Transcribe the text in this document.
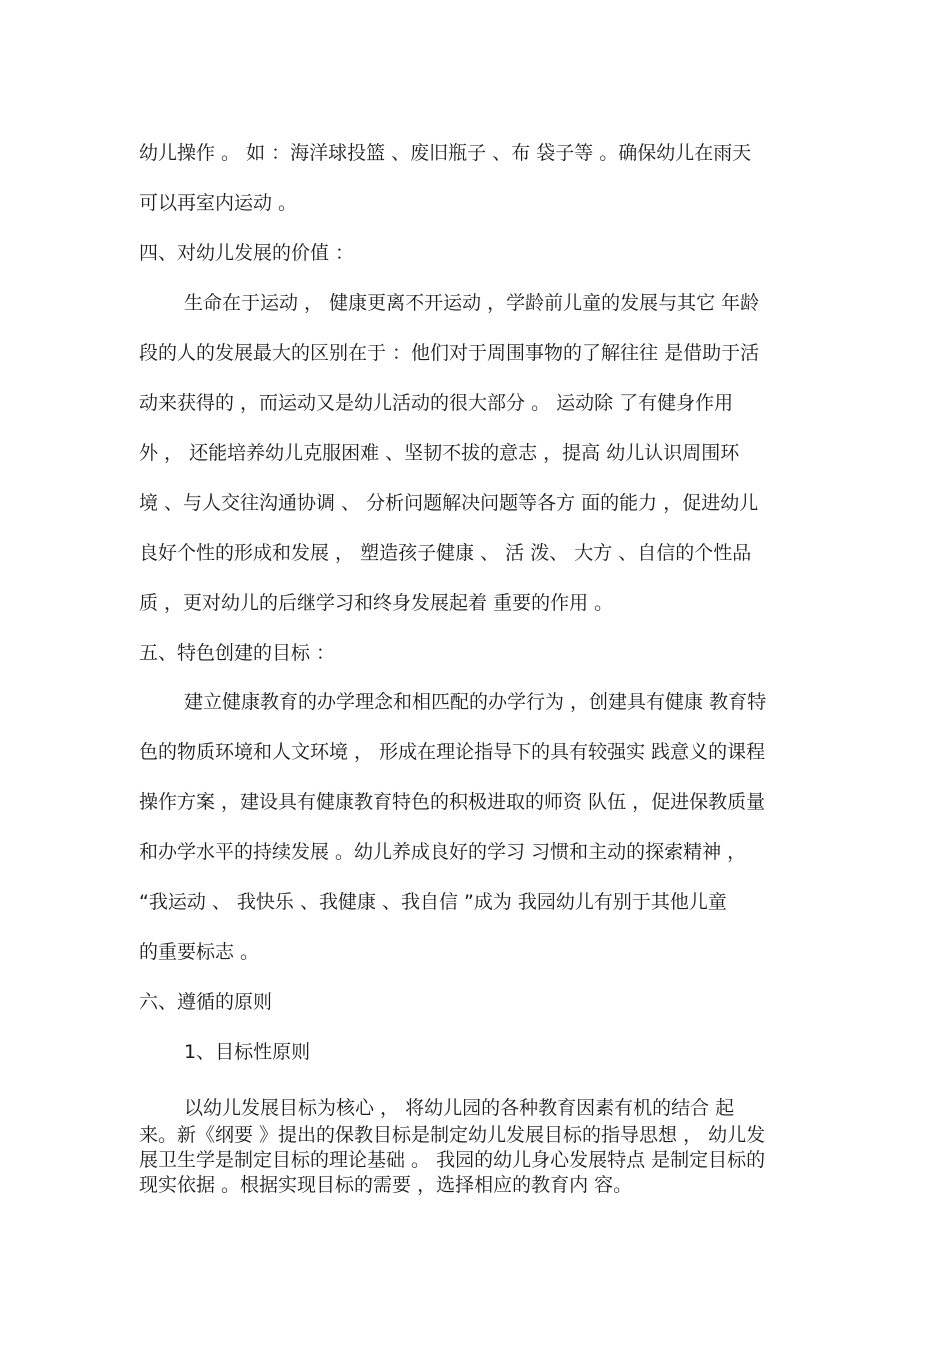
幼儿操作 。 如 ：海洋球投篮 、废旧瓶子 、布 袋子等 。确保幼儿在雨天
可以再室内运动 。
四、对幼儿发展的价值 ：
生命在于运动 ， 健康更离不开运动 ，学龄前儿童的发展与其它 年龄
段的人的发展最大的区别在于 ：他们对于周围事物的了解往往 是借助于活
动来获得的 ，而运动又是幼儿活动的很大部分 。 运动除 了有健身作用
外 ， 还能培养幼儿克服困难 、坚韧不拔的意志 ，提高 幼儿认识周围环
境 、与人交往沟通协调 、 分析问题解决问题等各方 面的能力 ，促进幼儿
良好个性的形成和发展 ， 塑造孩子健康 、 活 泼、 大方 、自信的个性品
质 ，更对幼儿的后继学习和终身发展起着 重要的作用 。
五、特色创建的目标 ：
建立健康教育的办学理念和相匹配的办学行为 ，创建具有健康 教育特
色的物质环境和人文环境 ， 形成在理论指导下的具有较强实 践意义的课程
操作方案 ，建设具有健康教育特色的积极进取的师资 队伍 ，促进保教质量
和办学水平的持续发展 。幼儿养成良好的学习 习惯和主动的探索精神 ，
“我运动 、 我快乐 、我健康 、我自信 ”成为 我园幼儿有别于其他儿童
的重要标志 。
六、遵循的原则
1、目标性原则
以幼儿发展目标为核心 ， 将幼儿园的各种教育因素有机的结合 起
来。新《纲要 》提出的保教目标是制定幼儿发展目标的指导思想 ， 幼儿发
展卫生学是制定目标的理论基础 。 我园的幼儿身心发展特点 是制定目标的
现实依据 。根据实现目标的需要 ，选择相应的教育内 容。
